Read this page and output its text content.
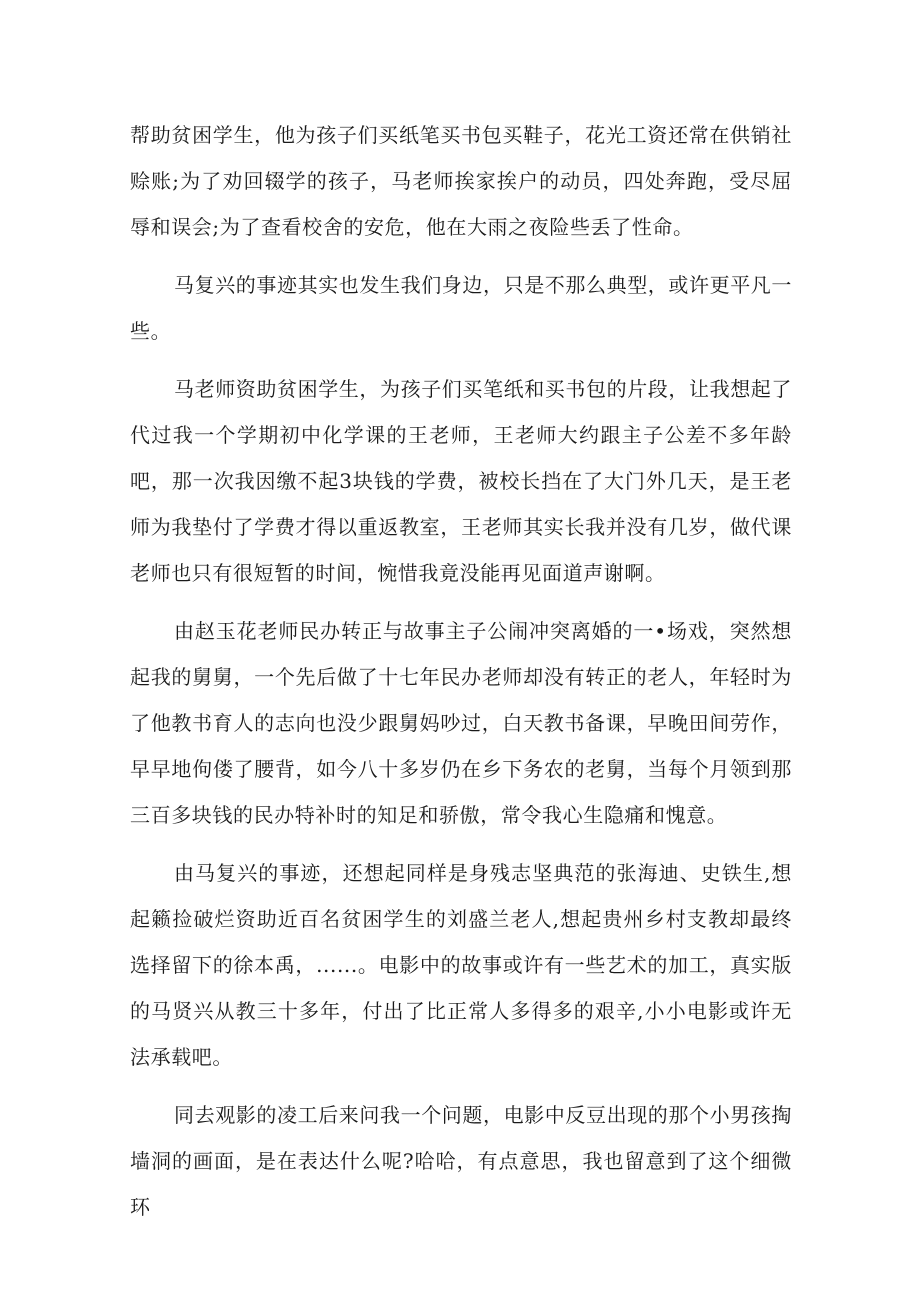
帮助贫困学生，他为孩子们买纸笔买书包买鞋子，花光工资还常在供销社赊账;为了劝回辍学的孩子，马老师挨家挨户的动员，四处奔跑，受尽屈辱和误会;为了查看校舍的安危，他在大雨之夜险些丢了性命。

马复兴的事迹其实也发生我们身边，只是不那么典型，或许更平凡一些。

马老师资助贫困学生，为孩子们买笔纸和买书包的片段，让我想起了代过我一个学期初中化学课的王老师，王老师大约跟主子公差不多年龄吧，那一次我因缴不起3块钱的学费，被校长挡在了大门外几天，是王老师为我垫付了学费才得以重返教室，王老师其实长我并没有几岁，做代课老师也只有很短暂的时间，惋惜我竟没能再见面道声谢啊。

由赵玉花老师民办转正与故事主子公闹冲突离婚的一•场戏，突然想起我的舅舅，一个先后做了十七年民办老师却没有转正的老人，年轻时为了他教书育人的志向也没少跟舅妈吵过，白天教书备课，早晚田间劳作，早早地佝偻了腰背，如今八十多岁仍在乡下务农的老舅，当每个月领到那三百多块钱的民办特补时的知足和骄傲，常令我心生隐痛和愧意。

由马复兴的事迹，还想起同样是身残志坚典范的张海迪、史铁生,想起籁捡破烂资助近百名贫困学生的刘盛兰老人,想起贵州乡村支教却最终选择留下的徐本禹，......。电影中的故事或许有一些艺术的加工，真实版的马贤兴从教三十多年，付出了比正常人多得多的艰辛,小小电影或许无法承载吧。

同去观影的凌工后来问我一个问题，电影中反豆出现的那个小男孩掏墙洞的画面，是在表达什么呢?哈哈，有点意思，我也留意到了这个细微环
